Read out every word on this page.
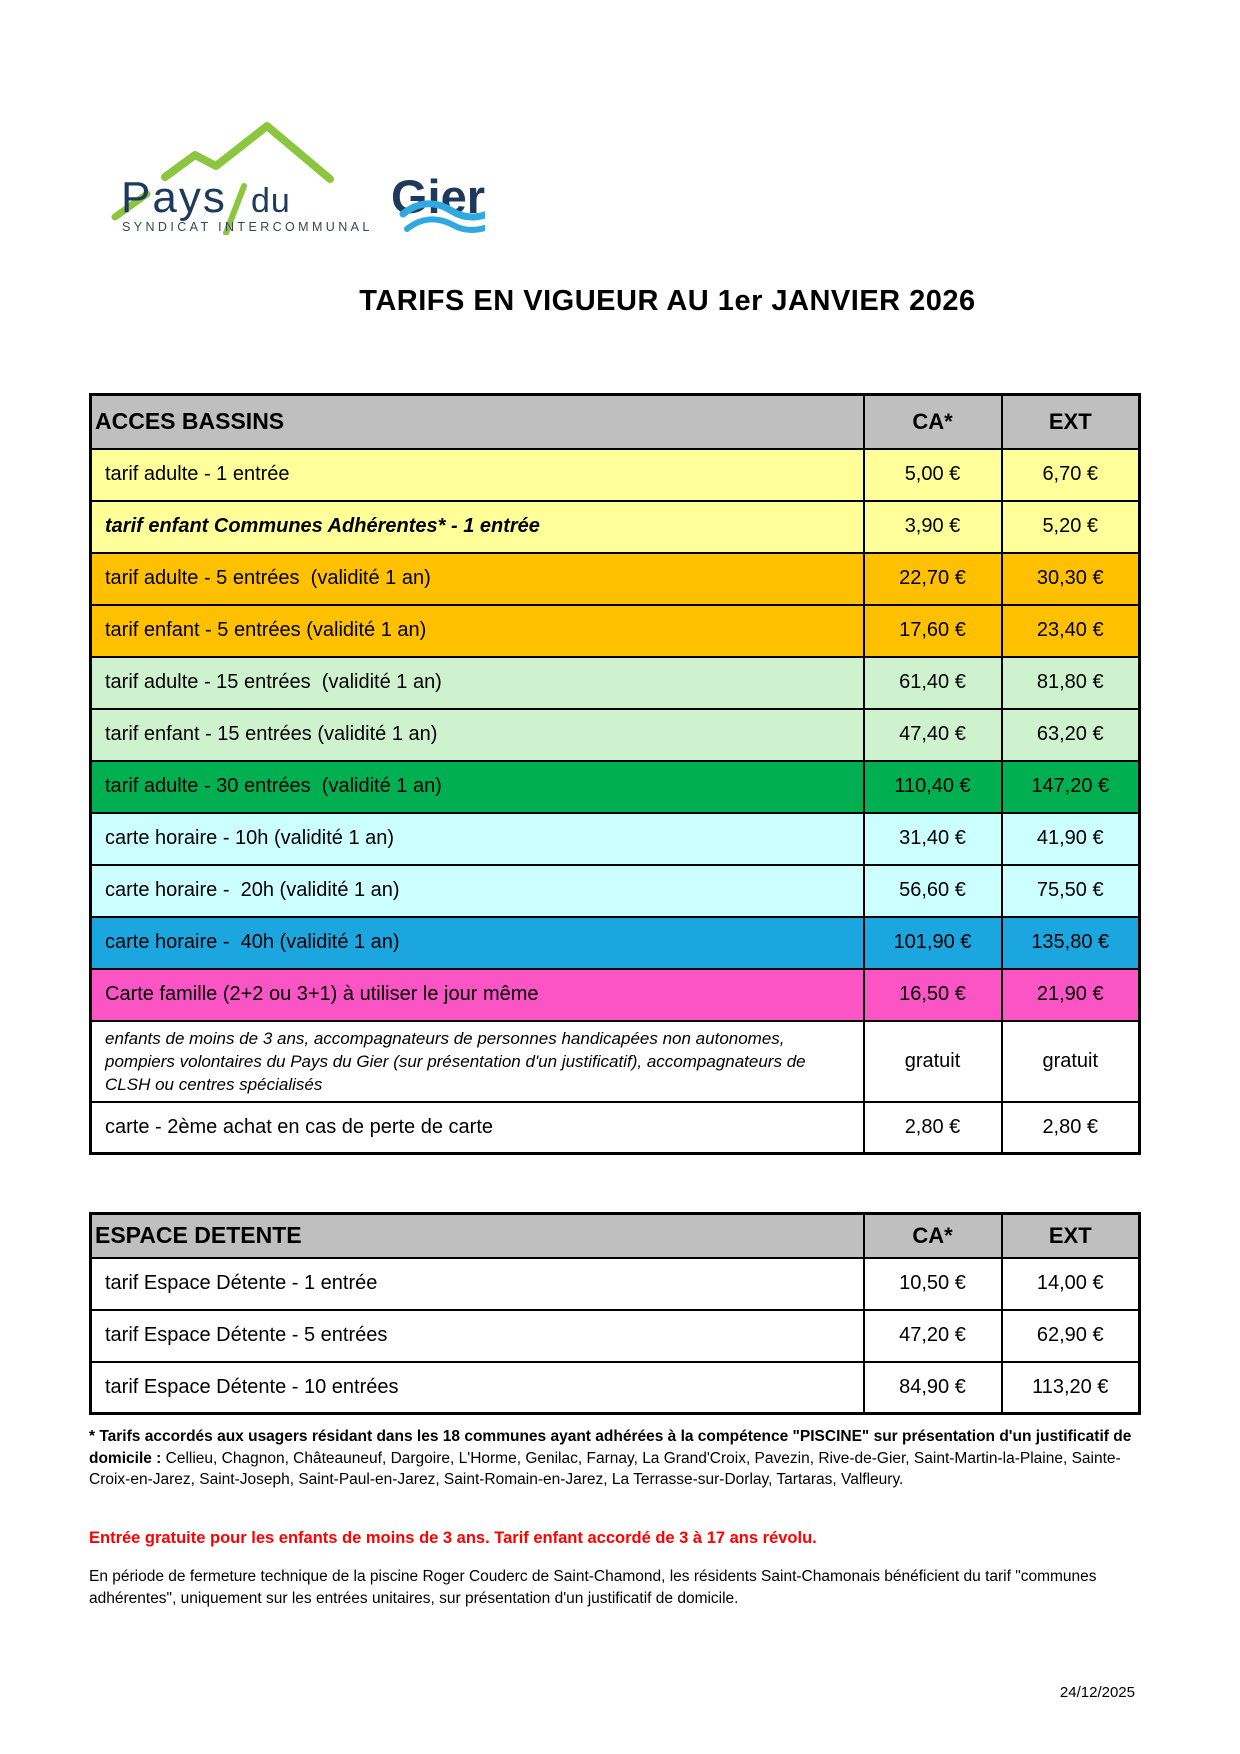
Pays du Gier
SYNDICAT INTERCOMMUNAL
TARIFS EN VIGUEUR AU 1er JANVIER 2026
ACCES BASSINS	CA*	EXT
tarif adulte - 1 entrée	5,00 €	6,70 €
tarif enfant Communes Adhérentes* - 1 entrée	3,90 €	5,20 €
tarif adulte - 5 entrées  (validité 1 an)	22,70 €	30,30 €
tarif enfant - 5 entrées (validité 1 an)	17,60 €	23,40 €
tarif adulte - 15 entrées  (validité 1 an)	61,40 €	81,80 €
tarif enfant - 15 entrées (validité 1 an)	47,40 €	63,20 €
tarif adulte - 30 entrées  (validité 1 an)	110,40 €	147,20 €
carte horaire - 10h (validité 1 an)	31,40 €	41,90 €
carte horaire -  20h (validité 1 an)	56,60 €	75,50 €
carte horaire -  40h (validité 1 an)	101,90 €	135,80 €
Carte famille (2+2 ou 3+1) à utiliser le jour même	16,50 €	21,90 €
enfants de moins de 3 ans, accompagnateurs de personnes handicapées non autonomes, pompiers volontaires du Pays du Gier (sur présentation d'un justificatif), accompagnateurs de CLSH ou centres spécialisés	gratuit	gratuit
carte - 2ème achat en cas de perte de carte	2,80 €	2,80 €
ESPACE DETENTE	CA*	EXT
tarif Espace Détente - 1 entrée	10,50 €	14,00 €
tarif Espace Détente - 5 entrées	47,20 €	62,90 €
tarif Espace Détente - 10 entrées	84,90 €	113,20 €

* Tarifs accordés aux usagers résidant dans les 18 communes ayant adhérées à la compétence "PISCINE" sur présentation d'un justificatif de domicile : Cellieu, Chagnon, Châteauneuf, Dargoire, L'Horme, Genilac, Farnay, La Grand'Croix, Pavezin, Rive-de-Gier, Saint-Martin-la-Plaine, Sainte-Croix-en-Jarez, Saint-Joseph, Saint-Paul-en-Jarez, Saint-Romain-en-Jarez, La Terrasse-sur-Dorlay, Tartaras, Valfleury.

Entrée gratuite pour les enfants de moins de 3 ans. Tarif enfant accordé de 3 à 17 ans révolu.

En période de fermeture technique de la piscine Roger Couderc de Saint-Chamond, les résidents Saint-Chamonais bénéficient du tarif "communes adhérentes", uniquement sur les entrées unitaires, sur présentation d'un justificatif de domicile.

24/12/2025
